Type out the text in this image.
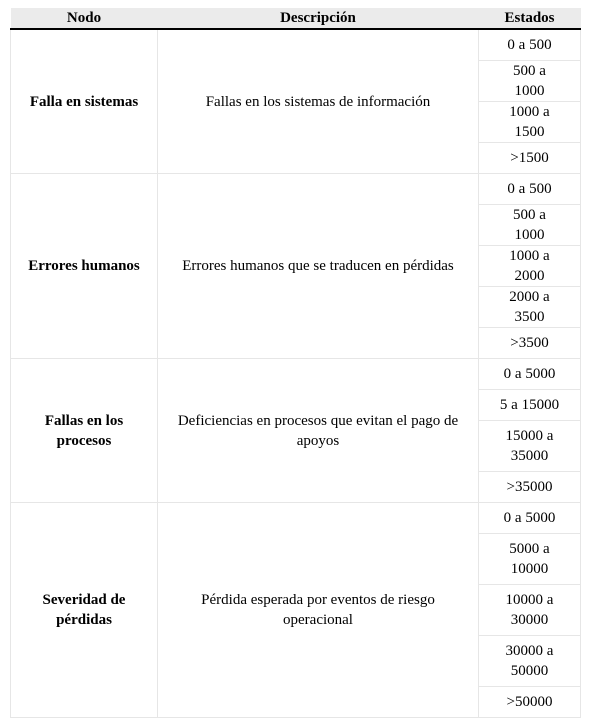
Nodo	Descripción	Estados
Falla en sistemas	Fallas en los sistemas de información	0 a 500
		500 a 1000
		1000 a 1500
		>1500
Errores humanos	Errores humanos que se traducen en pérdidas	0 a 500
		500 a 1000
		1000 a 2000
		2000 a 3500
		>3500
Fallas en los procesos	Deficiencias en procesos que evitan el pago de apoyos	0 a 5000
		5 a 15000
		15000 a 35000
		>35000
Severidad de pérdidas	Pérdida esperada por eventos de riesgo operacional	0 a 5000
		5000 a 10000
		10000 a 30000
		30000 a 50000
		>50000
